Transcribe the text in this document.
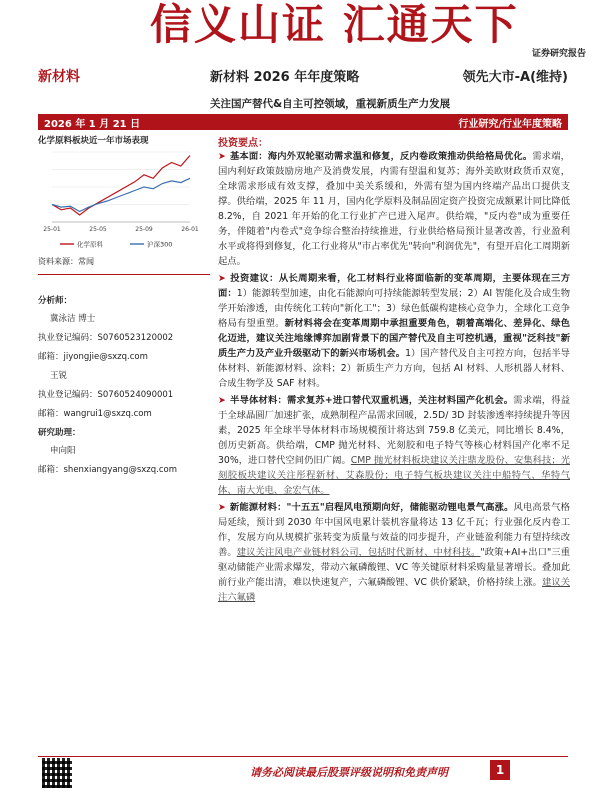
信义山证 汇通天下
证券研究报告
新材料	新材料 2026 年年度策略	领先大市-A(维持)
关注国产替代&自主可控领域，重视新质生产力发展
2026 年 1 月 21 日	行业研究/行业年度策略
化学原料板块近一年市场表现
25-01	25-05	25-09	26-01
化学原料	沪深300
资料来源：常闻
分析师：
冀泳洁 博士
执业登记编码：S0760523120002
邮箱：jiyongjie@sxzq.com
王锐
执业登记编码：S0760524090001
邮箱：wangrui1@sxzq.com
研究助理：
申向阳
邮箱：shenxiangyang@sxzq.com
投资要点：

➤ 基本面：海内外双轮驱动需求温和修复，反内卷政策推动供给格局优化。需求端，国内利好政策鼓励房地产及消费发展，内需有望温和复苏；海外美欧财政货币双宽，全球需求形成有效支撑，叠加中美关系缓和，外需有望为国内终端产品出口提供支撑。供给端，2025 年 11 月，国内化学原料及制品固定资产投资完成额累计同比降低 8.2%，自 2021 年开始的化工行业扩产已进入尾声。供给端，"反内卷"成为重要任务，伴随着"内卷式"竞争综合整治持续推进，行业供给格局预计显著改善，行业盈利水平或将得到修复，化工行业将从"市占率优先"转向"利润优先"，有望开启化工周期新起点。

➤ 投资建议：从长周期来看，化工材料行业将面临新的变革周期，主要体现在三方面：1）能源转型加速，由化石能源向可持续能源转型发展；2）AI 智能化及合成生物学开始渗透，由传统化工转向"新化工"；3）绿色低碳构建核心竞争力，全球化工竞争格局有望重塑。新材料将会在变革周期中承担重要角色，朝着高端化、差异化、绿色化迈进，建议关注地缘博弈加剧背景下的国产替代及自主可控机遇，重视"泛科技"新质生产力及产业升级驱动下的新兴市场机会。1）国产替代及自主可控方向，包括半导体材料、新能源材料、涂料；2）新质生产力方向，包括 AI 材料、人形机器人材料、合成生物学及 SAF 材料。

➤ 半导体材料：需求复苏+进口替代双重机遇，关注材料国产化机会。需求端，得益于全球晶圆厂加速扩张，成熟制程产品需求回暖，2.5D/ 3D 封装渗透率持续提升等因素，2025 年全球半导体材料市场规模预计将达到 759.8 亿美元，同比增长 8.4%，创历史新高。供给端，CMP 抛光材料、光刻胶和电子特气等核心材料国产化率不足 30%，进口替代空间仍旧广阔。CMP 抛光材料板块建议关注鼎龙股份、安集科技；光刻胶板块建议关注彤程新材、艾森股份；电子特气板块建议关注中船特气、华特气体、南大光电、金宏气体。

➤ 新能源材料："十五五"启程风电预期向好，储能驱动锂电景气高涨。风电高景气格局延续，预计到 2030 年中国风电累计装机容量将达 13 亿千瓦；行业强化反内卷工作，发展方向从规模扩张转变为质量与效益的同步提升，产业链盈利能力有望持续改善。建议关注风电产业链材料公司，包括时代新材、中材科技。"政策+AI+出口"三重驱动储能产业需求爆发，带动六氟磷酸锂、VC 等关键原材料采购量显著增长。叠加此前行业产能出清，难以快速复产，六氟磷酸锂、VC 供价紧缺，价格持续上涨。建议关注六氟磷

请务必阅读最后股票评级说明和免责声明	1
